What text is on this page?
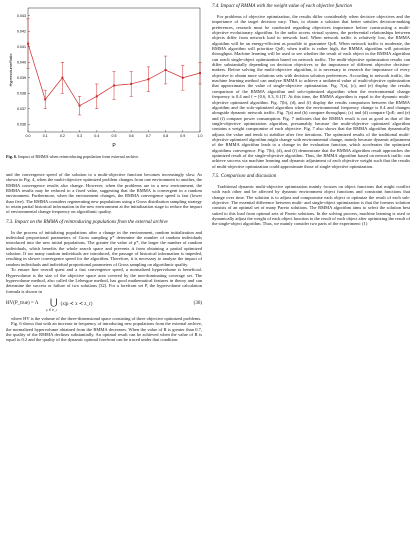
0.036
0.037
0.038
0.039
0.040
0.041
0.042
0.043
0.0	0.1	0.2	0.3	0.4	0.5	0.6	0.7	0.8	0.9	1.0
P
HypervolumeRatio

Fig. 6. Impact of RMMA when reintroducing population from external archive.

and the convergence speed of the solution to a multi-objective function becomes increasingly slow. As shown in Fig. 4, when the multi-objective optimized problem changes from one environment to another, the RMMA convergence results also change. However, when the problems are in a new environment, the RMMA results may be reduced to a fixed value, suggesting that the RMMA is convergent in a random environment. Furthermore, when the environment changes, the RMMA convergence speed is fast (lower than five). The RMMA considers regenerating new populations using a Gross distribution sampling strategy to retain partial historical information in the new environment at the initialization stage to reduce the impact of environmental change frequency on algorithmic quality.

7.3. Impact on the RMMA of reintroducing populations from the external archive

In the process of initializing populations after a change in the environment, random initialization and individual proportional parameters of Gross sampling p* determine the number of random individuals introduced into the new initial populations. The greater the value of p*, the larger the number of random individuals, which benefits the whole search space and prevents it from obtaining a partial optimized solution. If too many random individuals are introduced, the passage of historical information is impeded, resulting in slower convergence speed for the algorithm. Therefore, it is necessary to analyze the impact of random individuals and individual proportional parameters of Gross sampling on algorithmic quality.

To ensure fine overall quest and a fast convergence speed, a normalized hypervolume is beneficial. Hypervolume is the size of the objective space area covered by the non-dominating coverage set. The hypervolume method, also called the Lebesgue method, has good mathematical features in theory and can determine the success or failure of two solutions [32]. For a forefront set P, the hypervolume calculation formula is shown in

HV(P_true) = Λ ⋃
p ∈ P_t
{x|p ≺ x ≺ z_r}	(36)

where HV is the volume of the three-dimensional space consisting of three objective optimized problems.

Fig. 6 shows that with an increase in frequency of introducing new populations from the external archive, the normalized hypervolume obtained from the RMMA decreases. When the value of R is greater than 0.7, the quality of the RMMA declines substantially. An optimal result can be achieved when the value of R is equal to 0.2 and the quality of the dynamic optimal forefront can be traced under that condition.

7.4. Impact of RMMA with the weight value of each objective function

For problems of objective optimization, the results differ considerably when decisive objectives and the importance of the target decision vary. Thus, to obtain a solution that better satisfies decision-making preferences, research must be conducted regarding objectives importance before constructing a multi-objective evolutionary algorithm. In the radio access virtual system, the preferential relationships between objects differ from network load to network load. When network traffic is relatively low, the RMMA algorithm will be an energy-efficient as possible to guarantee QoE. When network traffic is moderate, the RMMA algorithm will prioritize QoE; when traffic is rather high, the RMMA algorithm will prioritize throughput. Machine learning will be used to see whether the result of each object in the RMMA algorithm can reach single-object optimization based on network traffic. The multi-objective optimization results can differ substantially depending on decision objectives or the importance of different objective decision-makers. Before solving the multi-objective algorithm, it is necessary to research the importance of every objective to obtain more solutions sets with decision solution preferences. According to network traffic, the machine learning method can analyze RMMA to achieve a unilateral value of multi-objective optimization that approximates the value of single-objective optimization. Fig. 7(a), (c), and (e) display the results comparison of the RMMA algorithm and solo-optimized algorithm when the environmental change frequency is 0.4 and f = [0.6, 0.3, 0.1]T. At this time, the RMMA algorithm is equal to the dynamic multi-objective optimized algorithm. Fig. 7(b), (d), and (f) display the results comparison between the RMMA algorithm and the solo-optimized algorithm when the environmental frequency change is 0.4 and changes alongside dynamic network traffic. Fig. 7(a) and (b) compare throughput; (c) and (d) compare QoE; and (e) and (f) compare power consumption. Fig. 7 indicates that the RMMA result is not as good as that of the single-objective optimization algorithm, presumably because the multi-objective optimized algorithm contains a weight compromise of each objective. Fig. 7 also shows that the RMMA algorithm dynamically adjusts the value and tends to stabilize after five iterations. The optimized results of the traditional multi-objective optimized algorithm might change with environmental change, mainly because dynamic adjustment of the RMMA algorithm leads to a change in the evaluation function, which accelerates the optimized algorithms convergence. Fig. 7(b), (d), and (f) demonstrate that the RMMA algorithm result approaches the optimized result of the single-objective algorithm. Thus, the RMMA algorithm based on network traffic can achieve success via machine learning and dynamic adjustment of each objective weight such that the results of multi-objective optimization could approximate those of single-objective optimization.

7.5. Comparison and discussion

Traditional dynamic multi-objective optimization mainly focuses on object functions that might conflict with each other and be affected by dynamic environment object functions and constraint functions that change over time. The solution is to adjust and compromise each object to optimize the result of each sub-objective. The essential difference between multi- and single-object optimization is that the formers solution consists of an optimal set of many Pareto solutions. The RMMA algorithm aims to select the solution best suited to this load from optimal sets of Pareto solutions. In the solving process, machine learning is used to dynamically adjust the weight of each object function to the result of each object after optimizing the result of the single-object algorithm. Thus, we mainly consider two parts of the experiment: (1)
